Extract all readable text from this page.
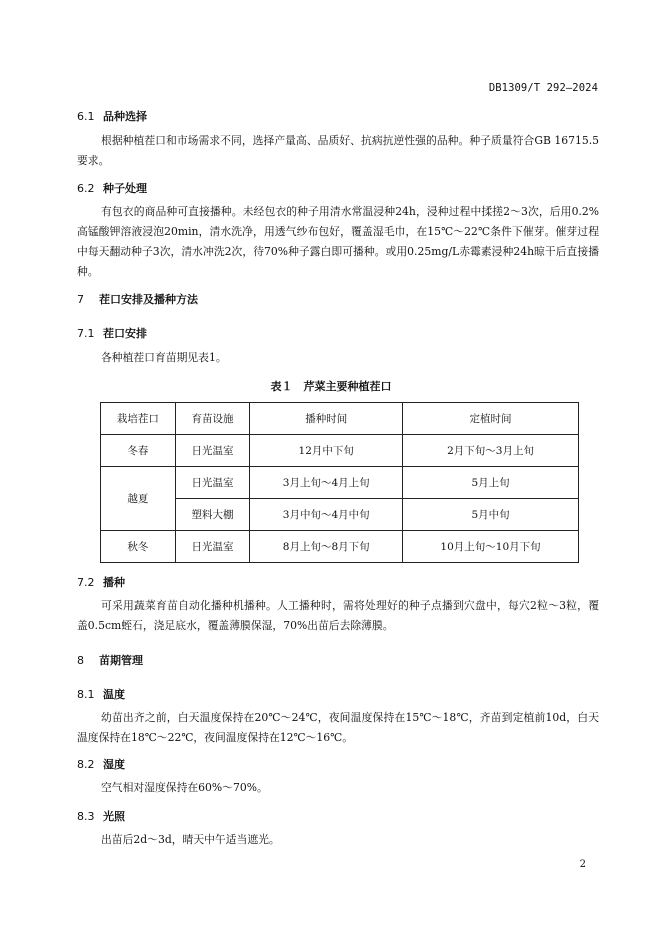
DB1309/T 292—2024
6.1 品种选择
根据种植茬口和市场需求不同，选择产量高、品质好、抗病抗逆性强的品种。种子质量符合GB 16715.5要求。
6.2 种子处理
有包衣的商品种可直接播种。未经包衣的种子用清水常温浸种24h，浸种过程中揉搓2～3次，后用0.2%高锰酸钾溶液浸泡20min，清水洗净，用透气纱布包好，覆盖湿毛巾，在15℃～22℃条件下催芽。催芽过程中每天翻动种子3次，清水冲洗2次，待70%种子露白即可播种。或用0.25mg/L赤霉素浸种24h晾干后直接播种。
7 茬口安排及播种方法
7.1 茬口安排
各种植茬口育苗期见表1。
表１　芹菜主要种植茬口
栽培茬口	育苗设施	播种时间	定植时间
冬春	日光温室	12月中下旬	2月下旬～3月上旬
越夏	日光温室	3月上旬～4月上旬	5月上旬
	塑料大棚	3月中旬～4月中旬	5月中旬
秋冬	日光温室	8月上旬～8月下旬	10月上旬～10月下旬
7.2 播种
可采用蔬菜育苗自动化播种机播种。人工播种时，需将处理好的种子点播到穴盘中，每穴2粒～3粒，覆盖0.5cm蛭石，浇足底水，覆盖薄膜保湿，70%出苗后去除薄膜。
8 苗期管理
8.1 温度
幼苗出齐之前，白天温度保持在20℃～24℃，夜间温度保持在15℃～18℃，齐苗到定植前10d，白天温度保持在18℃～22℃，夜间温度保持在12℃～16℃。
8.2 湿度
空气相对湿度保持在60%～70%。
8.3 光照
出苗后2d～3d，晴天中午适当遮光。
2
